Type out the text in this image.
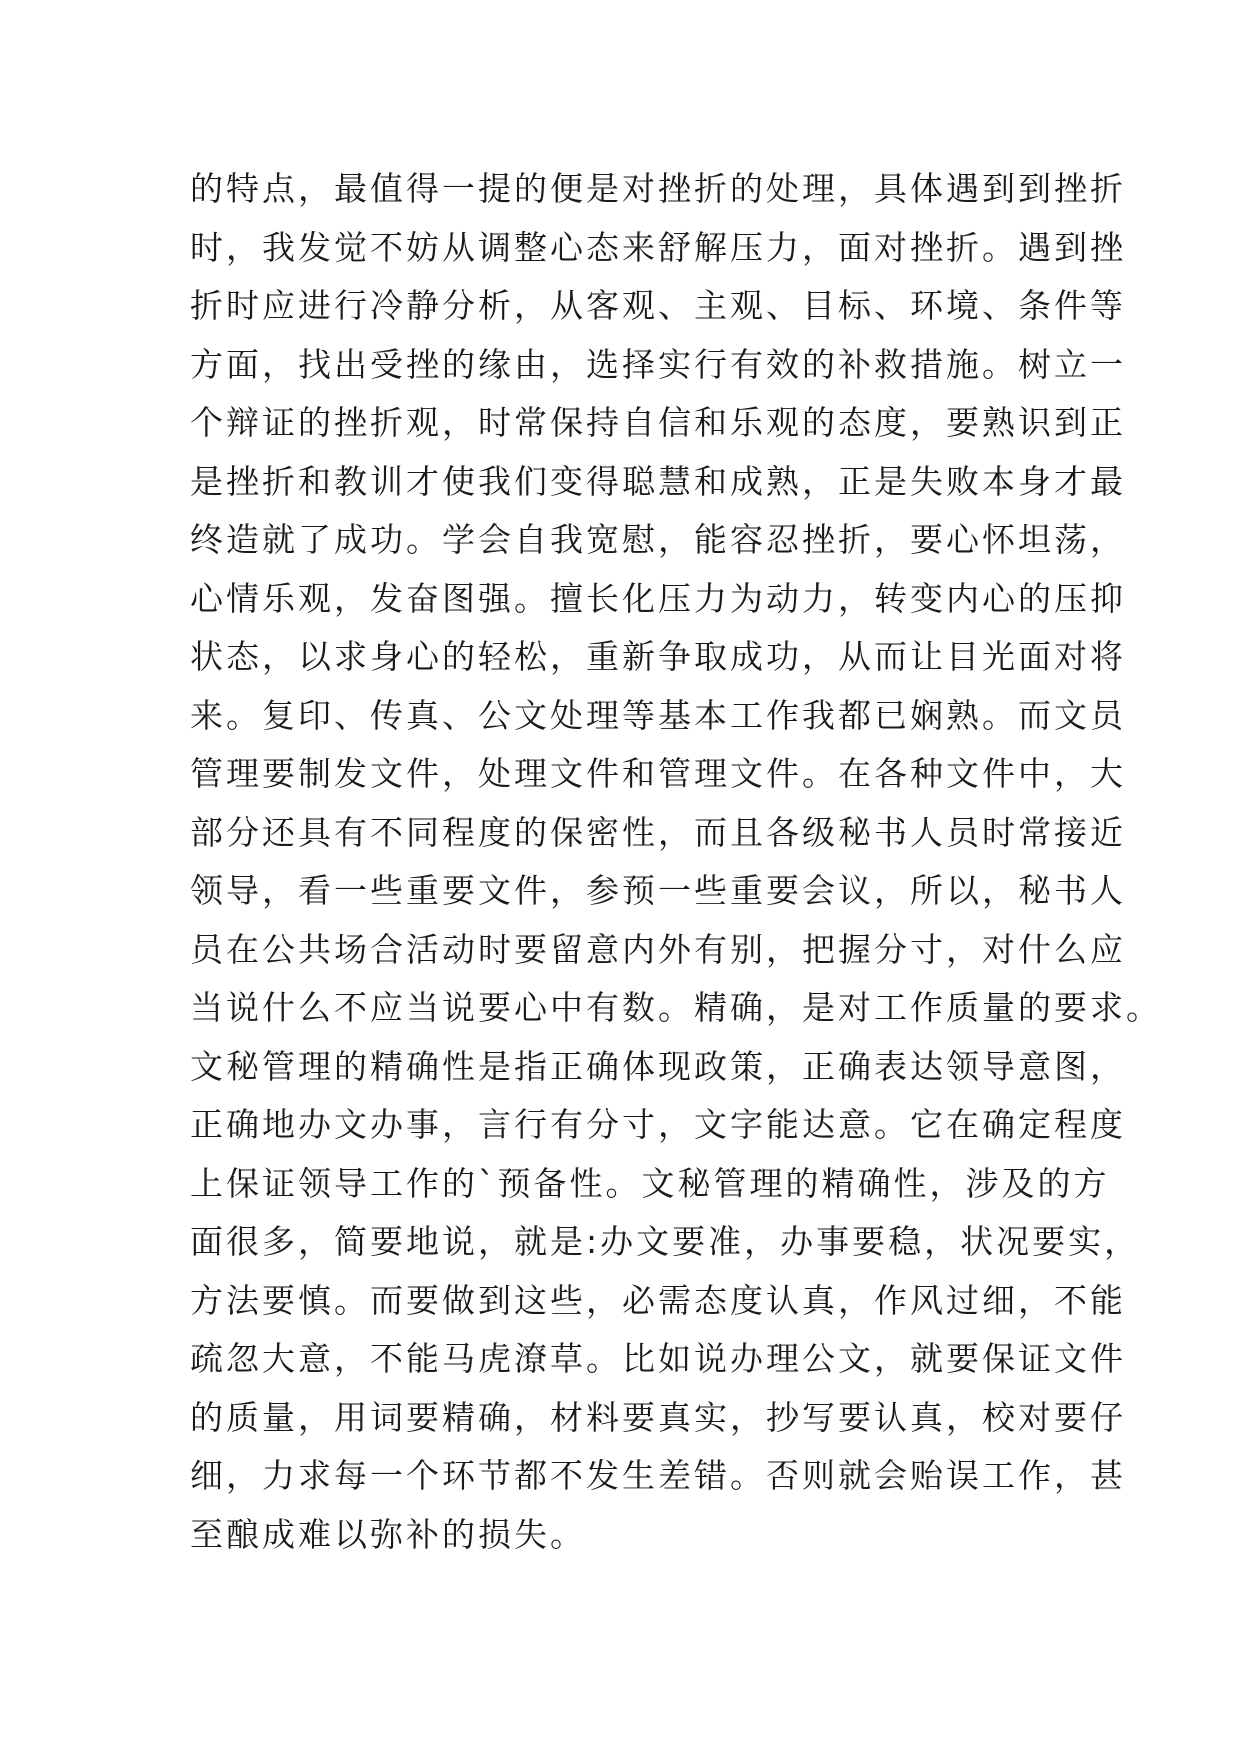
的特点，最值得一提的便是对挫折的处理，具体遇到到挫折
时，我发觉不妨从调整心态来舒解压力，面对挫折。遇到挫
折时应进行冷静分析，从客观、主观、目标、环境、条件等
方面，找出受挫的缘由，选择实行有效的补救措施。树立一
个辩证的挫折观，时常保持自信和乐观的态度，要熟识到正
是挫折和教训才使我们变得聪慧和成熟，正是失败本身才最
终造就了成功。学会自我宽慰，能容忍挫折，要心怀坦荡，
心情乐观，发奋图强。擅长化压力为动力，转变内心的压抑
状态，以求身心的轻松，重新争取成功，从而让目光面对将
来。复印、传真、公文处理等基本工作我都已娴熟。而文员
管理要制发文件，处理文件和管理文件。在各种文件中，大
部分还具有不同程度的保密性，而且各级秘书人员时常接近
领导，看一些重要文件，参预一些重要会议，所以，秘书人
员在公共场合活动时要留意内外有别，把握分寸，对什么应
当说什么不应当说要心中有数。精确，是对工作质量的要求。
文秘管理的精确性是指正确体现政策，正确表达领导意图，
正确地办文办事，言行有分寸，文字能达意。它在确定程度
上保证领导工作的`预备性。文秘管理的精确性，涉及的方
面很多，简要地说，就是:办文要准，办事要稳，状况要实，
方法要慎。而要做到这些，必需态度认真，作风过细，不能
疏忽大意，不能马虎潦草。比如说办理公文，就要保证文件
的质量，用词要精确，材料要真实，抄写要认真，校对要仔
细，力求每一个环节都不发生差错。否则就会贻误工作，甚
至酿成难以弥补的损失。
